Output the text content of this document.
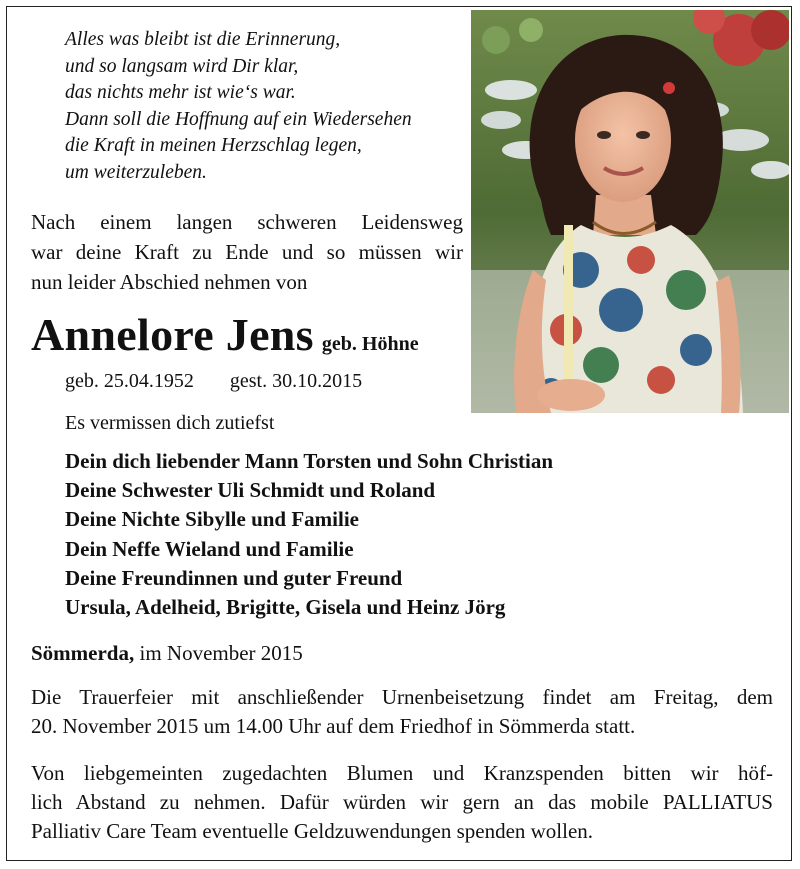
Alles was bleibt ist die Erinnerung,
und so langsam wird Dir klar,
das nichts mehr ist wie‘s war.
Dann soll die Hoffnung auf ein Wiedersehen
die Kraft in meinen Herzschlag legen,
um weiterzuleben.
Nach einem langen schweren Leidensweg
war deine Kraft zu Ende und so müssen wir
nun leider Abschied nehmen von
Annelore Jens geb. Höhne
geb. 25.04.1952 gest. 30.10.2015
Es vermissen dich zutiefst
Dein dich liebender Mann Torsten und Sohn Christian
Deine Schwester Uli Schmidt und Roland
Deine Nichte Sibylle und Familie
Dein Neffe Wieland und Familie
Deine Freundinnen und guter Freund
Ursula, Adelheid, Brigitte, Gisela und Heinz Jörg
Sömmerda, im November 2015
Die Trauerfeier mit anschließender Urnenbeisetzung findet am Freitag, dem
20. November 2015 um 14.00 Uhr auf dem Friedhof in Sömmerda statt.
Von liebgemeinten zugedachten Blumen und Kranzspenden bitten wir höf-
lich Abstand zu nehmen. Dafür würden wir gern an das mobile PALLIATUS
Palliativ Care Team eventuelle Geldzuwendungen spenden wollen.
